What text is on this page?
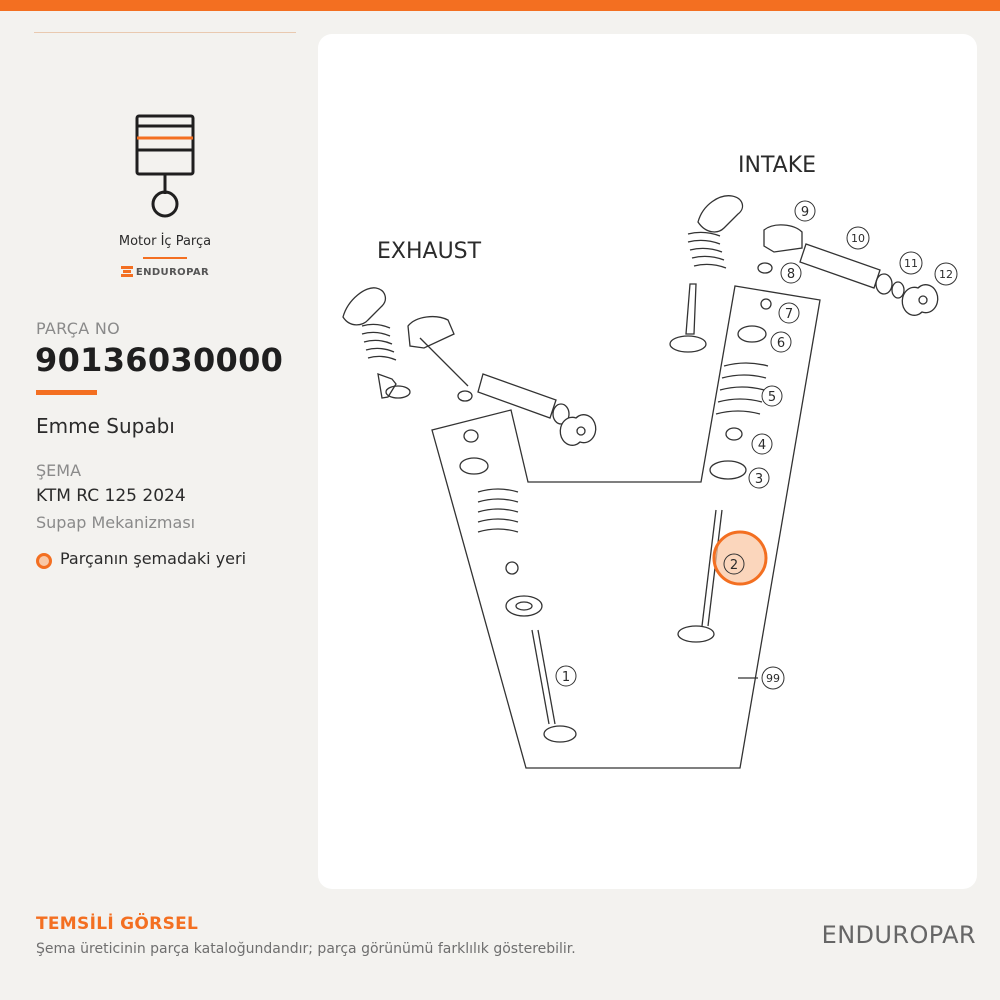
Motor İç Parça
ENDUROPAR
PARÇA NO
90136030000
Emme Supabı
ŞEMA
KTM RC 125 2024
Supap Mekanizması
Parçanın şemadaki yeri
EXHAUST
INTAKE
1
2
3
4
5
6
7
8
9
10
11
12
99
TEMSİLİ GÖRSEL
Şema üreticinin parça kataloğundandır; parça görünümü farklılık gösterebilir.	ENDUROPAR
